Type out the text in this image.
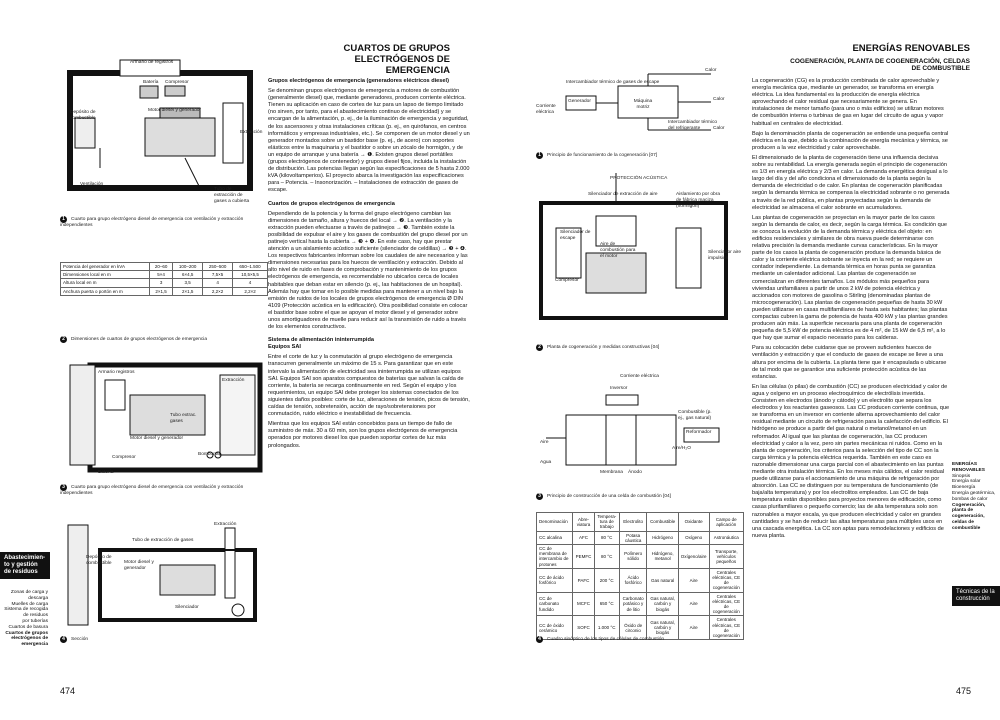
Armario de registros
Batería Compresor
Depósito de combustible
Motor diesel y generador
Extracción
Ventilación
Tubo de extracción de gases a cubierta
1 Cuarto para grupo electrógeno diesel de emergencia con ventilación y extracción independientes
Potencia del generador en kVA	20–60	100–200	250–500	650–1.500
Dimensiones local en m	5×4	6×4,5	7,5×5	10,5×5,5
Altura local en m	3	3,5	4	4
Anchura puerta o portón en m	2×1,5	2×1,5	2,2×2	2,2×2
2 Dimensiones de cuartos de grupos electrógenos de emergencia
Armario registros
Extracción
Tubo extrac. gases
Motor diesel y generador
Compresor
Bombonas
Batería
3 Cuarto para grupo electrógeno diesel de emergencia con ventilación y extracción independientes
Extracción
Tubo de extracción de gases
Depósito de combustible	Motor diesel y generador
Silenciador
4 Sección
Abastecimien-to y gestión de residuos
Zonas de carga y descarga
Muelles de carga
Sistema de recogida
de residuos
por tuberías
Cuartos de basura
Cuartos de grupos electrógenos de emergencia
474
CUARTOS DE GRUPOS ELECTRÓGENOS DE EMERGENCIA

Grupos electrógenos de emergencia (generadores eléctricos diesel)

Se denominan grupos electrógenos de emergencia a motores de combustión (generalmente diesel) que, mediante generadores, producen corriente eléctrica. Tienen su aplicación en caso de cortes de luz para un lapso de tiempo limitado (no sirven, por tanto, para el abastecimiento continuo de electricidad) y se encargan de la alimentación, p. ej., de la iluminación de emergencia y seguridad, de los ascensores y otras instalaciones críticas (p. ej., en quirófanos, en centros informáticos y empresas industriales, etc.). Se componen de un motor diesel y un generador montados sobre un bastidor base (p. ej., de acero) con soportes elásticos entre la maquinaria y el bastidor o sobre un zócalo de hormigón, y de un equipo de arranque y una batería → ❶. Existen grupos diesel portátiles (grupos electrógenos de contenedor) y grupos diesel fijos, incluida la instalación de distribución. Las potencias llegan según las especificaciones de 5 hasta 2.000 kVA (kilovoltamperios). El proyecto abarca la investigación las especificaciones para – Potencia. – Insonorización. – Instalaciones de extracción de gases de escape.

Cuartos de grupos electrógenos de emergencia

Dependiendo de la potencia y la forma del grupo electrógeno cambian las dimensiones de tamaño, altura y huecos del local → ❷. La ventilación y la extracción pueden efectuarse a través de patinejos → ❸. También existe la posibilidad de expulsar el aire y los gases de combustión del grupo diesel por un patinejo vertical hasta la cubierta → ❸ + ❹. En este caso, hay que prestar atención a un aislamiento acústico suficiente (silenciador de celdillas) → ❸ + ❹. Los respectivos fabricantes informan sobre los caudales de aire necesarios y las dimensiones necesarias para los huecos de ventilación y extracción. Debido al alto nivel de ruido en fases de comprobación y mantenimiento de los grupos electrógenos de emergencia, es recomendable no ubicarlos cerca de locales habitables que deban estar en silencio (p. ej., las habitaciones de un hospital). Además hay que tomar en lo posible medidas para mantener a un nivel bajo la emisión de ruidos de los locales de grupos electrógenos de emergencia Ø DIN 4109 (Protección acústica en la edificación). Otra posibilidad consiste en colocar el bastidor base sobre el que se apoyan el motor diesel y el generador sobre unos amortiguadores de muelle para reducir así la transmisión de ruido a través de los elementos constructivos.

Sistema de alimentación ininterrumpida

Equipos SAI

Entre el corte de luz y la conmutación al grupo electrógeno de emergencia transcurren generalmente un máximo de 15 s. Para garantizar que en este intervalo la alimentación de electricidad sea ininterrumpida se utilizan equipos SAI. Equipos SAI son aparatos compuestos de baterías que salvan la caída de corriente, la batería se recarga continuamente en red. Según el equipo y los requerimientos, un equipo SAI debe proteger los sistemas conectados de los siguientes daños posibles: corte de luz, alteraciones de tensión, picos de tensión, caídas de tensión, sobretensión, acción de rayo/sobretensiones por conmutación, ruido eléctrico e inestabilidad de frecuencia.

Mientras que los equipos SAI están concebidos para un tiempo de fallo de suministro de máx. 30 a 60 min, son los grupos electrógenos de emergencia operados por motores diesel los que pueden soportar cortes de luz más prolongados.

ENERGÍAS RENOVABLES
COGENERACIÓN, PLANTA DE COGENERACIÓN, CELDAS DE COMBUSTIBLE
Intercambiador térmico de gases de escape
Calor
Corriente eléctrica
Generador	Máquina motriz
Calor
Intercambiador térmico del refrigerante	Calor
1 Principio de funcionamiento de la cogeneración [07]
PROTECCIÓN ACÚSTICA
Silenciador de extracción de aire	Aislamiento por obra de fábrica maciza (hormigón)
Silenciador de escape
Aire de combustión para el motor
Compresor
Silenciador aire impulsión
2 Planta de cogeneración y medidas constructivas [04]
Corriente eléctrica
Inversor
Combustible (p. ej., gas natural)
Reformador
Aire
Agua
Membrana Ánodo
Aire/H₂O
3 Principio de construcción de una celda de combustión [04]
Denominación	Abre-viatura	Tempera-tura de trabajo	Electrolito	Combustible	Oxidante	Campo de aplicación
CC alcalina	AFC	80 °C	Potasa cáustica	Hidrógeno	Oxígeno	Astronáutica
CC de membrana de intercambio de protones	PEMFC	80 °C	Polímero sólido	Hidrógeno, metanol	Oxígeno/aire	Transporte, vehículos pequeños
CC de ácido fosfórico	PAFC	200 °C	Ácido fosfórico	Gas natural	Aire	Centrales eléctricas, CE de cogeneración
CC de carbonato fundido	MCFC	650 °C	Carbonato potásico y de litio	Gas natural, carbón y biogás	Aire	Centrales eléctricas, CE de cogeneración
CC de óxido cerámico	SOFC	1.000 °C	Óxido de circonio	Gas natural, carbón y biogás	Aire	Centrales eléctricas, CE de cogeneración
4 Cuadro sinóptico de los tipos de células de combustión

La cogeneración (CG) es la producción combinada de calor aprovechable y energía mecánica que, mediante un generador, se transforma en energía eléctrica. La idea fundamental es la producción de energía eléctrica aprovechando el calor residual que necesariamente se genera. En instalaciones de menor tamaño (para uno o más edificios) se utilizan motores de combustión interna o turbinas de gas en lugar del circuito de agua y vapor habitual en centrales de electricidad.

Bajo la denominación planta de cogeneración se entiende una pequeña central eléctrica en la que, debido a la combinación de energía mecánica y térmica, se producen a la vez electricidad y calor aprovechable.

El dimensionado de la planta de cogeneración tiene una influencia decisiva sobre su rentabilidad. La energía generada según el principio de cogeneración es 1/3 en energía eléctrica y 2/3 en calor. La demanda energética desigual a lo largo del día y del año condiciona el dimensionado de la planta según la demanda de electricidad o de calor. En plantas de cogeneración planificadas según la demanda térmica se compensa la electricidad sobrante o no generada a través de la red pública, en plantas proyectadas según la demanda de electricidad se almacena el calor sobrante en acumuladores.

Las plantas de cogeneración se proyectan en la mayor parte de los casos según la demanda de calor, es decir, según la carga térmica. Es condición que se conozca la evolución de la demanda térmica y eléctrica del objeto: en edificios residenciales y similares de obra nueva puede determinarse con relativa precisión la demanda mediante curvas características. En la mayor parte de los casos la planta de cogeneración produce la demanda básica de calor y la corriente eléctrica sobrante se inyecta en la red; se requiere un contador independiente. La demanda térmica en horas punta se garantiza mediante un calentador adicional. Las plantas de cogeneración se comercializan en diferentes tamaños. Los módulos más pequeños para viviendas unifamiliares a partir de unos 2 kW de potencia eléctrica y accionados con motores de gasolina o Stirling (denominadas plantas de microcogeneración). Las plantas de cogeneración pequeñas de hasta 30 kW pueden utilizarse en casas multifamiliares de hasta seis habitantes; las plantas compactas cubren la gama de potencia de hasta 400 kW y las plantas grandes producen aún más. La superficie necesaria para una planta de cogeneración pequeña de 5,5 kW de potencia eléctrica es de 4 m², de 15 kW de 6,5 m², a lo que hay que sumar el espacio necesario para los calderas.

Para su colocación debe cuidarse que se proveen suficientes huecos de ventilación y extracción y que el conducto de gases de escape se lleve a una altura por encima de la cubierta. La planta tiene que ir encapsulada o ubicarse de tal modo que se garantice una suficiente protección acústica de las estancias.

En las células (o pilas) de combustión (CC) se producen electricidad y calor de agua y oxígeno en un proceso electroquímico de electrólisis invertida. Consisten en electrodos (ánodo y cátodo) y un electrolito que separa los electrodos y los reactantes gaseosos. Las CC producen corriente continua, que se transforma en un inversor en corriente alterna aprovechamiento del calor residual mediante un circuito de refrigeración para la calefacción del edificio. El hidrógeno se produce a partir del gas natural o metanol/metanol en un reformador. Al igual que las plantas de cogeneración, las CC producen electricidad y calor a la vez, pero sin partes mecánicas ni ruidos. Como en la planta de cogeneración, los criterios para la selección del tipo de CC son la carga térmica y la potencia eléctrica requerida. También en este caso es razonable dimensionar una carga parcial con el abastecimiento en las puntas mediante otra instalación térmica. En los meses más cálidos, el calor residual puede utilizarse para el accionamiento de una máquina de refrigeración por absorción. Las CC se distinguen por su temperatura de funcionamiento (de baja/alta temperatura) y por los electrolitos empleados. Las CC de baja temperatura están disponibles para proyectos menores de edificación, como casas plurifamiliares o pequeño comercio; las de alta temperatura solo son razonables a mayor escala, ya que producen electricidad y calor en grandes cantidades y se han de reducir las altas temperaturas para múltiples usos en una cascada energética. La CC son aptas para remodelaciones y edificios de nueva planta.

ENERGÍAS RENOVABLES
Sinopsis
Energía solar
Bioenergía
Energía geotérmica,
bombas de calor
Cogeneración, planta de cogeneración, celdas de combustible
Técnicas de la construcción
475
